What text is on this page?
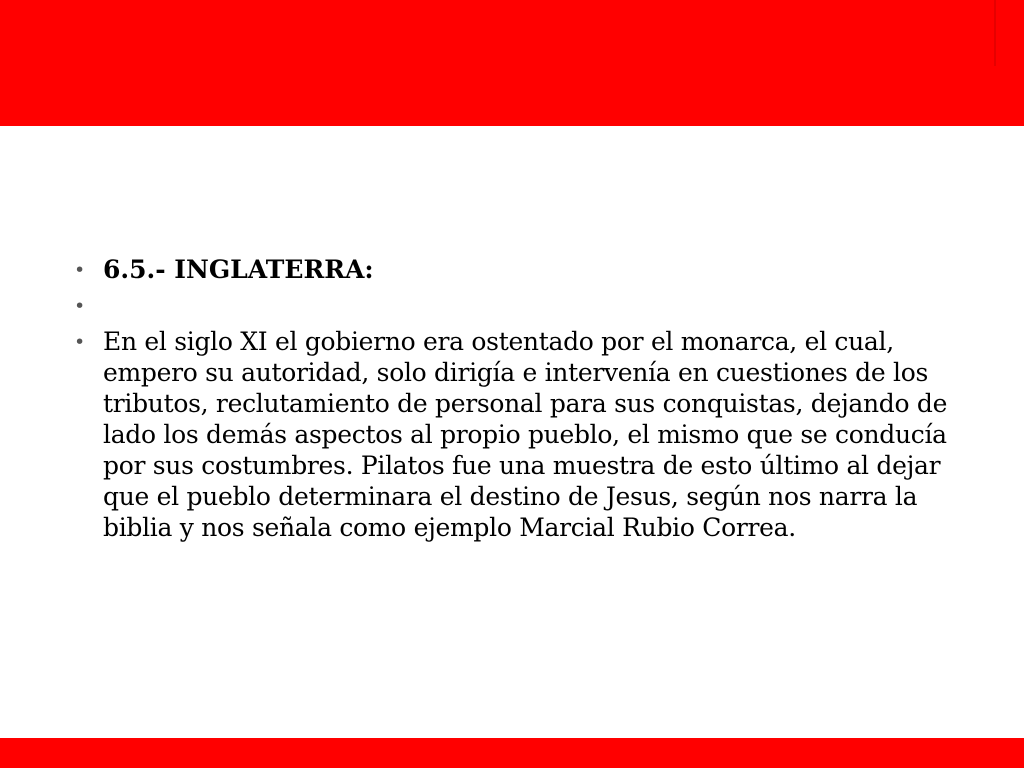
• 6.5.- INGLATERRA:
•
• En el siglo XI el gobierno era ostentado por el monarca, el cual, empero su autoridad, solo dirigía e intervenía en cuestiones de los tributos, reclutamiento de personal para sus conquistas, dejando de lado los demás aspectos al propio pueblo, el mismo que se conducía por sus costumbres. Pilatos fue una muestra de esto último al dejar que el pueblo determinara el destino de Jesus, según nos narra la biblia y nos señala como ejemplo Marcial Rubio Correa.
